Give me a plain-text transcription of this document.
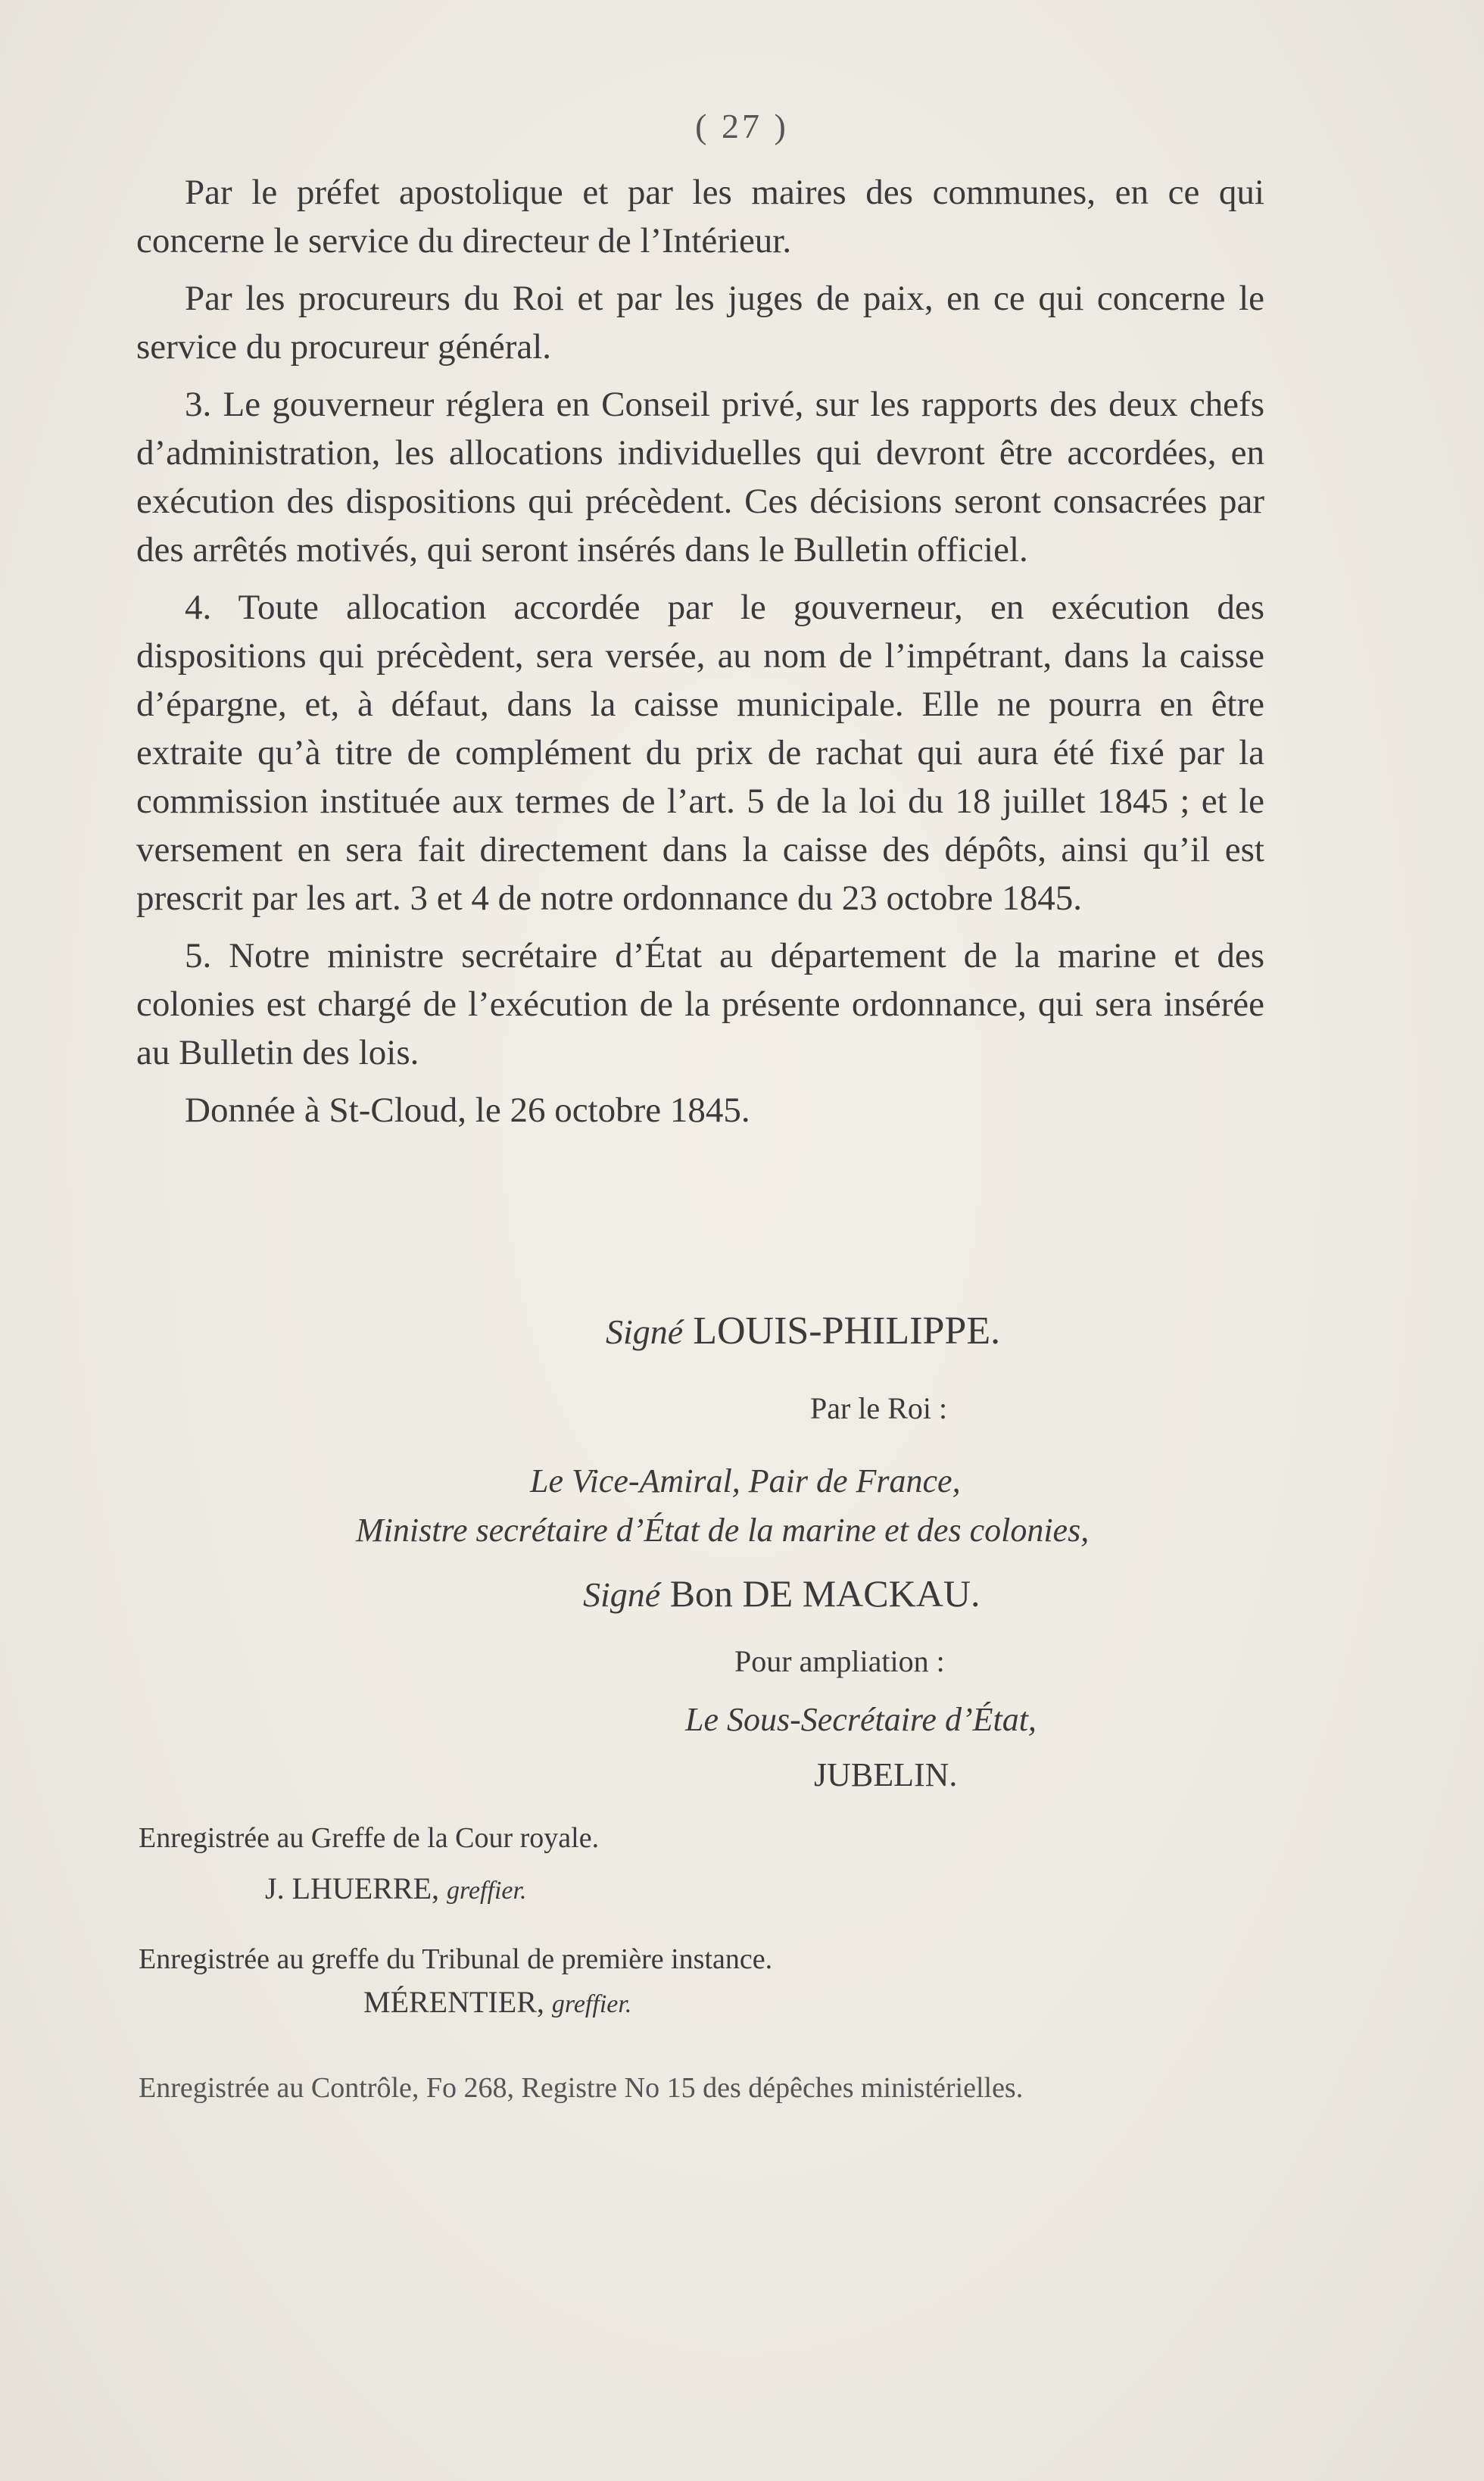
( 27 )

Par le préfet apostolique et par les maires des communes, en ce qui concerne le service du directeur de l’Intérieur.

Par les procureurs du Roi et par les juges de paix, en ce qui concerne le service du procureur général.

3. Le gouverneur réglera en Conseil privé, sur les rapports des deux chefs d’administration, les allocations individuelles qui devront être accordées, en exécution des dispositions qui précèdent. Ces décisions seront consacrées par des arrêtés motivés, qui seront insérés dans le Bulletin officiel.

4. Toute allocation accordée par le gouverneur, en exécution des dispositions qui précèdent, sera versée, au nom de l’impétrant, dans la caisse d’épargne, et, à défaut, dans la caisse municipale. Elle ne pourra en être extraite qu’à titre de complément du prix de rachat qui aura été fixé par la commission instituée aux termes de l’art. 5 de la loi du 18 juillet 1845 ; et le versement en sera fait directement dans la caisse des dépôts, ainsi qu’il est prescrit par les art. 3 et 4 de notre ordonnance du 23 octobre 1845.

5. Notre ministre secrétaire d’État au département de la marine et des colonies est chargé de l’exécution de la présente ordonnance, qui sera insérée au Bulletin des lois.

Donnée à St-Cloud, le 26 octobre 1845.

Signé LOUIS-PHILIPPE.
Par le Roi :
Le Vice-Amiral, Pair de France,
Ministre secrétaire d’État de la marine et des colonies,
Signé Bon DE MACKAU.
Pour ampliation :
Le Sous-Secrétaire d’État,
JUBELIN.
Enregistrée au Greffe de la Cour royale.
J. LHUERRE, greffier.
Enregistrée au greffe du Tribunal de première instance.
MÉRENTIER, greffier.
Enregistrée au Contrôle, Fo 268, Registre No 15 des dépêches ministérielles.
